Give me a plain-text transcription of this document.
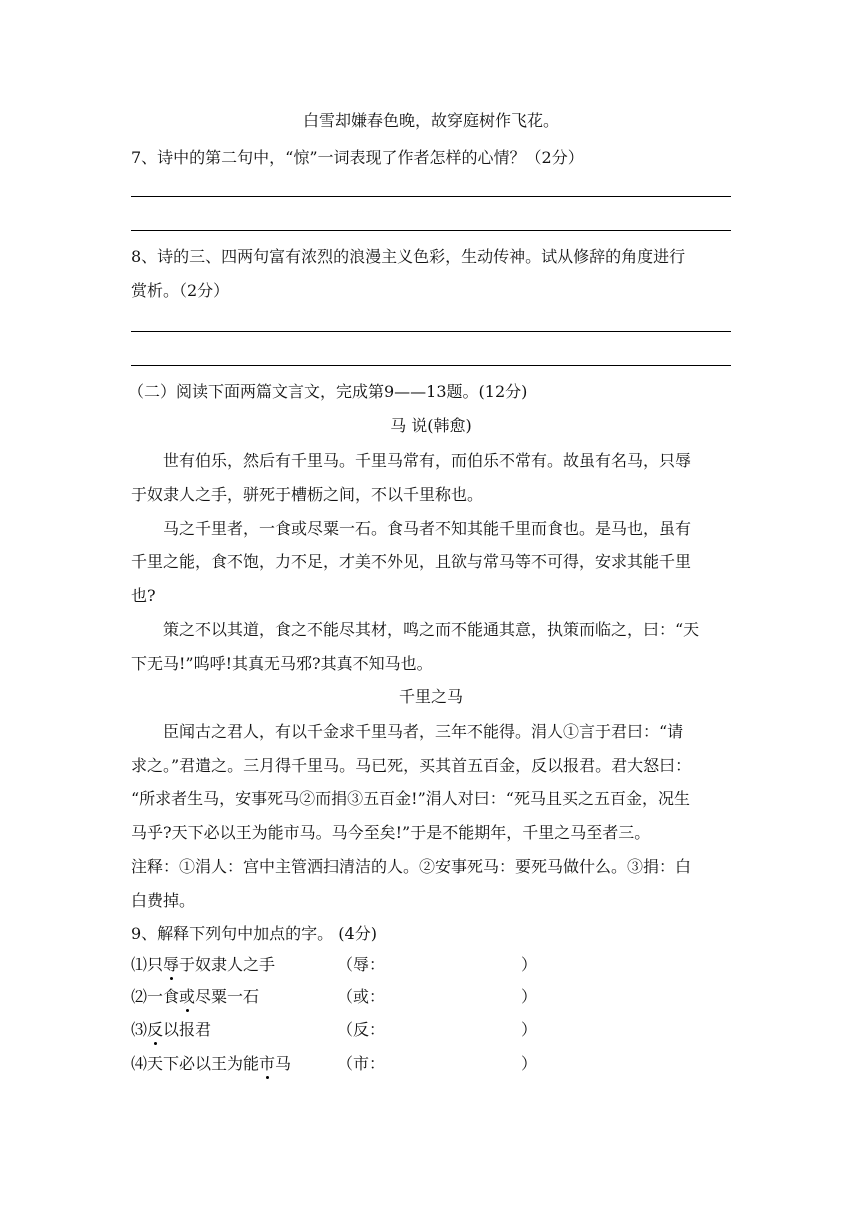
白雪却嫌春色晚，故穿庭树作飞花。
7、诗中的第二句中，“惊”一词表现了作者怎样的心情？（2分）
8、诗的三、四两句富有浓烈的浪漫主义色彩，生动传神。试从修辞的角度进行
赏析。（2分）
（二）阅读下面两篇文言文，完成第9——13题。(12分)
马 说(韩愈)
世有伯乐，然后有千里马。千里马常有，而伯乐不常有。故虽有名马，只辱
于奴隶人之手，骈死于槽枥之间，不以千里称也。
马之千里者，一食或尽粟一石。食马者不知其能千里而食也。是马也，虽有
千里之能，食不饱，力不足，才美不外见，且欲与常马等不可得，安求其能千里
也?
策之不以其道，食之不能尽其材，鸣之而不能通其意，执策而临之，曰：“天
下无马!”呜呼!其真无马邪?其真不知马也。
千里之马
臣闻古之君人，有以千金求千里马者，三年不能得。涓人①言于君曰：“请
求之。”君遣之。三月得千里马。马已死，买其首五百金，反以报君。君大怒曰：
“所求者生马，安事死马②而捐③五百金!”涓人对曰：“死马且买之五百金，况生
马乎?天下必以王为能市马。马今至矣!”于是不能期年，千里之马至者三。
注释：①涓人：宫中主管洒扫清洁的人。②安事死马：要死马做什么。③捐：白
白费掉。
9、解释下列句中加点的字。 (4分)
⑴只辱于奴隶人之手	（辱：	）
⑵一食或尽粟一石	（或：	）
⑶反以报君	（反：	）
⑷天下必以王为能市马	（市：	）
